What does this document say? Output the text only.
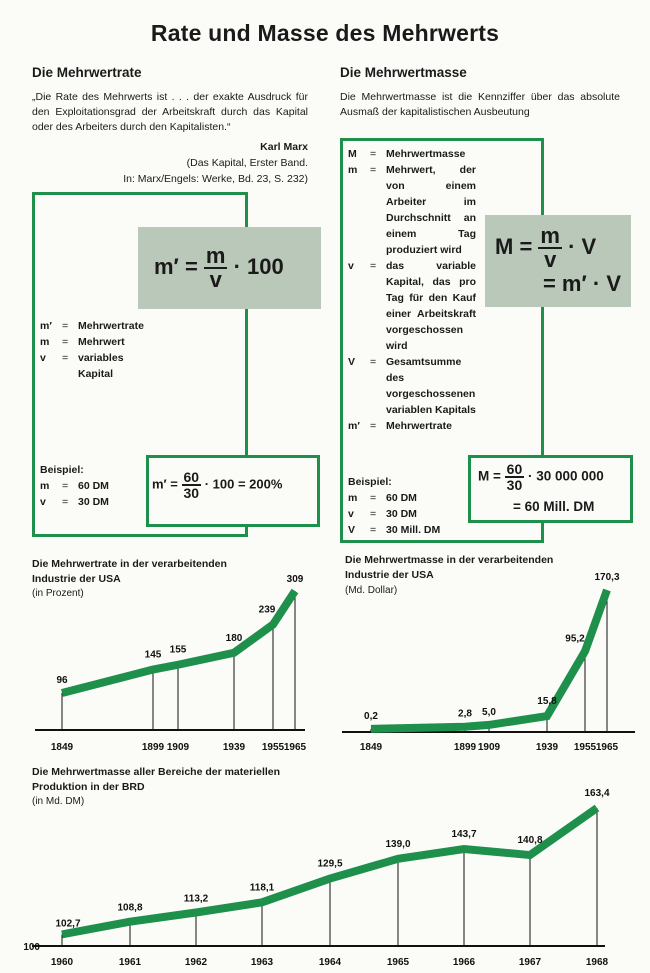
Rate und Masse des Mehrwerts
Die Mehrwertrate
„Die Rate des Mehrwerts ist . . . der exakte Ausdruck für den Exploitationsgrad der Arbeitskraft durch das Kapital oder des Arbeiters durch den Kapitalisten.“
Karl Marx
(Das Kapital, Erster Band.
In: Marx/Engels: Werke, Bd. 23, S. 232)
$m' = \frac{m}{v} \cdot 100$
m′	=	Mehrwertrate
m	=	Mehrwert
v	=	variables Kapital
Beispiel:
m	=	60 DM
v	=	30 DM
$m' = \frac{60}{30} \cdot 100 = 200\%$
Die Mehrwertmasse
Die Mehrwertmasse ist die Kennziffer über das absolute Ausmaß der kapitalistischen Ausbeutung
$M = \frac{m}{v} \cdot V$
= m′ · V
M	=	Mehrwertmasse
m	=	Mehrwert, der von einem Arbeiter im Durchschnitt an einem Tag produziert wird
v	=	das variable Kapital, das pro Tag für den Kauf einer Arbeitskraft vorgeschossen wird
V	=	Gesamtsumme des vorgeschossenen variablen Kapitals
m′	=	Mehrwertrate
Beispiel:
m	=	60 DM
v	=	30 DM
V	=	30 Mill. DM
$M = \frac{60}{30} \cdot 30$ 000 000
= 60 Mill. DM
Die Mehrwertrate in der verarbeitenden Industrie der USA
(in Prozent)
96
145 155
180
239
309
1849	1899 1909	1939 1955 1965
Die Mehrwertmasse in der verarbeitenden Industrie der USA
(Md. Dollar)
0,2	2,8 5,0
15,8
95,2
170,3
1849	1899 1909	1939 1955 1965
Die Mehrwertmasse aller Bereiche der materiellen Produktion in der BRD
(in Md. DM)
102,7
108,8
113,2
118,1
129,5
139,0
143,7
140,8
163,4
1960	1961	1962	1963	1964	1965	1966	1967	1968
100
